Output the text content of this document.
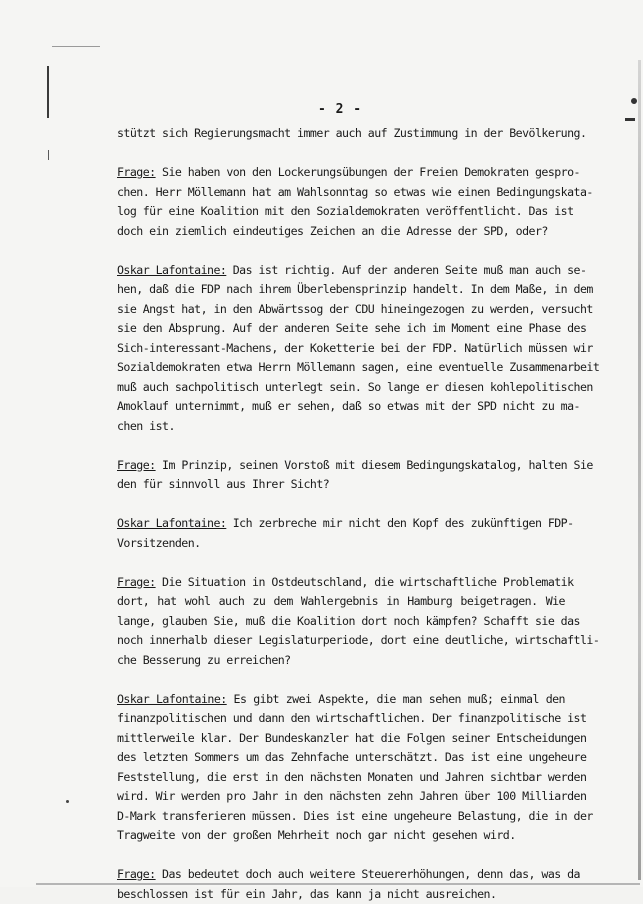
- 2 -
stützt sich Regierungsmacht immer auch auf Zustimmung in der Bevölkerung.
Frage: Sie haben von den Lockerungsübungen der Freien Demokraten gespro-
chen. Herr Möllemann hat am Wahlsonntag so etwas wie einen Bedingungskata-
log für eine Koalition mit den Sozialdemokraten veröffentlicht. Das ist
doch ein ziemlich eindeutiges Zeichen an die Adresse der SPD, oder?
Oskar Lafontaine: Das ist richtig. Auf der anderen Seite muß man auch se-
hen, daß die FDP nach ihrem Überlebensprinzip handelt. In dem Maße, in dem
sie Angst hat, in den Abwärtssog der CDU hineingezogen zu werden, versucht
sie den Absprung. Auf der anderen Seite sehe ich im Moment eine Phase des
Sich-interessant-Machens, der Koketterie bei der FDP. Natürlich müssen wir
Sozialdemokraten etwa Herrn Möllemann sagen, eine eventuelle Zusammenarbeit
muß auch sachpolitisch unterlegt sein. So lange er diesen kohlepolitischen
Amoklauf unternimmt, muß er sehen, daß so etwas mit der SPD nicht zu ma-
chen ist.
Frage: Im Prinzip, seinen Vorstoß mit diesem Bedingungskatalog, halten Sie
den für sinnvoll aus Ihrer Sicht?
Oskar Lafontaine: Ich zerbreche mir nicht den Kopf des zukünftigen FDP-
Vorsitzenden.
Frage: Die Situation in Ostdeutschland, die wirtschaftliche Problematik
dort, hat wohl auch zu dem Wahlergebnis in Hamburg beigetragen. Wie
lange, glauben Sie, muß die Koalition dort noch kämpfen? Schafft sie das
noch innerhalb dieser Legislaturperiode, dort eine deutliche, wirtschaftli-
che Besserung zu erreichen?
Oskar Lafontaine: Es gibt zwei Aspekte, die man sehen muß; einmal den
finanzpolitischen und dann den wirtschaftlichen. Der finanzpolitische ist
mittlerweile klar. Der Bundeskanzler hat die Folgen seiner Entscheidungen
des letzten Sommers um das Zehnfache unterschätzt. Das ist eine ungeheure
Feststellung, die erst in den nächsten Monaten und Jahren sichtbar werden
wird. Wir werden pro Jahr in den nächsten zehn Jahren über 100 Milliarden
D-Mark transferieren müssen. Dies ist eine ungeheure Belastung, die in der
Tragweite von der großen Mehrheit noch gar nicht gesehen wird.
Frage: Das bedeutet doch auch weitere Steuererhöhungen, denn das, was da
beschlossen ist für ein Jahr, das kann ja nicht ausreichen.
